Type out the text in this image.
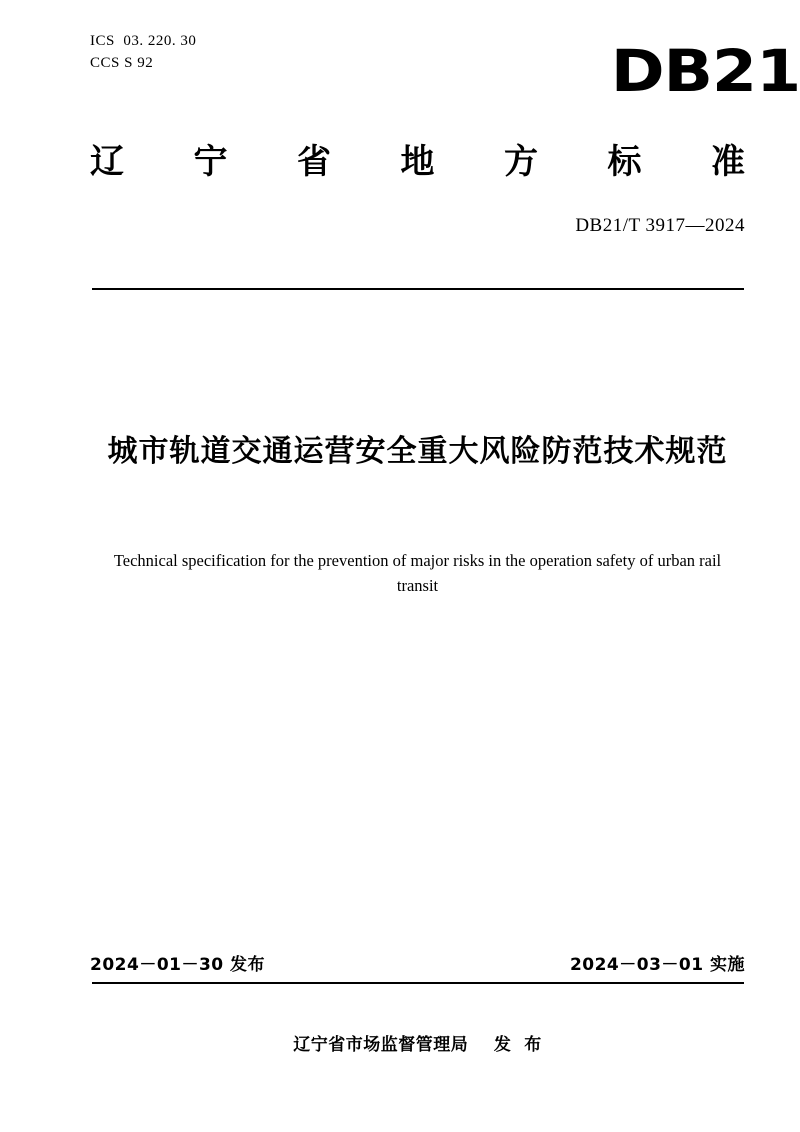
ICS  03. 220. 30
CCS S 92	DB21
辽 宁 省 地 方 标 准
DB21/T 3917—2024
城市轨道交通运营安全重大风险防范技术规范
Technical specification for the prevention of major risks in the operation safety of urban rail transit
2024－01－30 发布	2024－03－01 实施
辽宁省市场监督管理局    发  布
